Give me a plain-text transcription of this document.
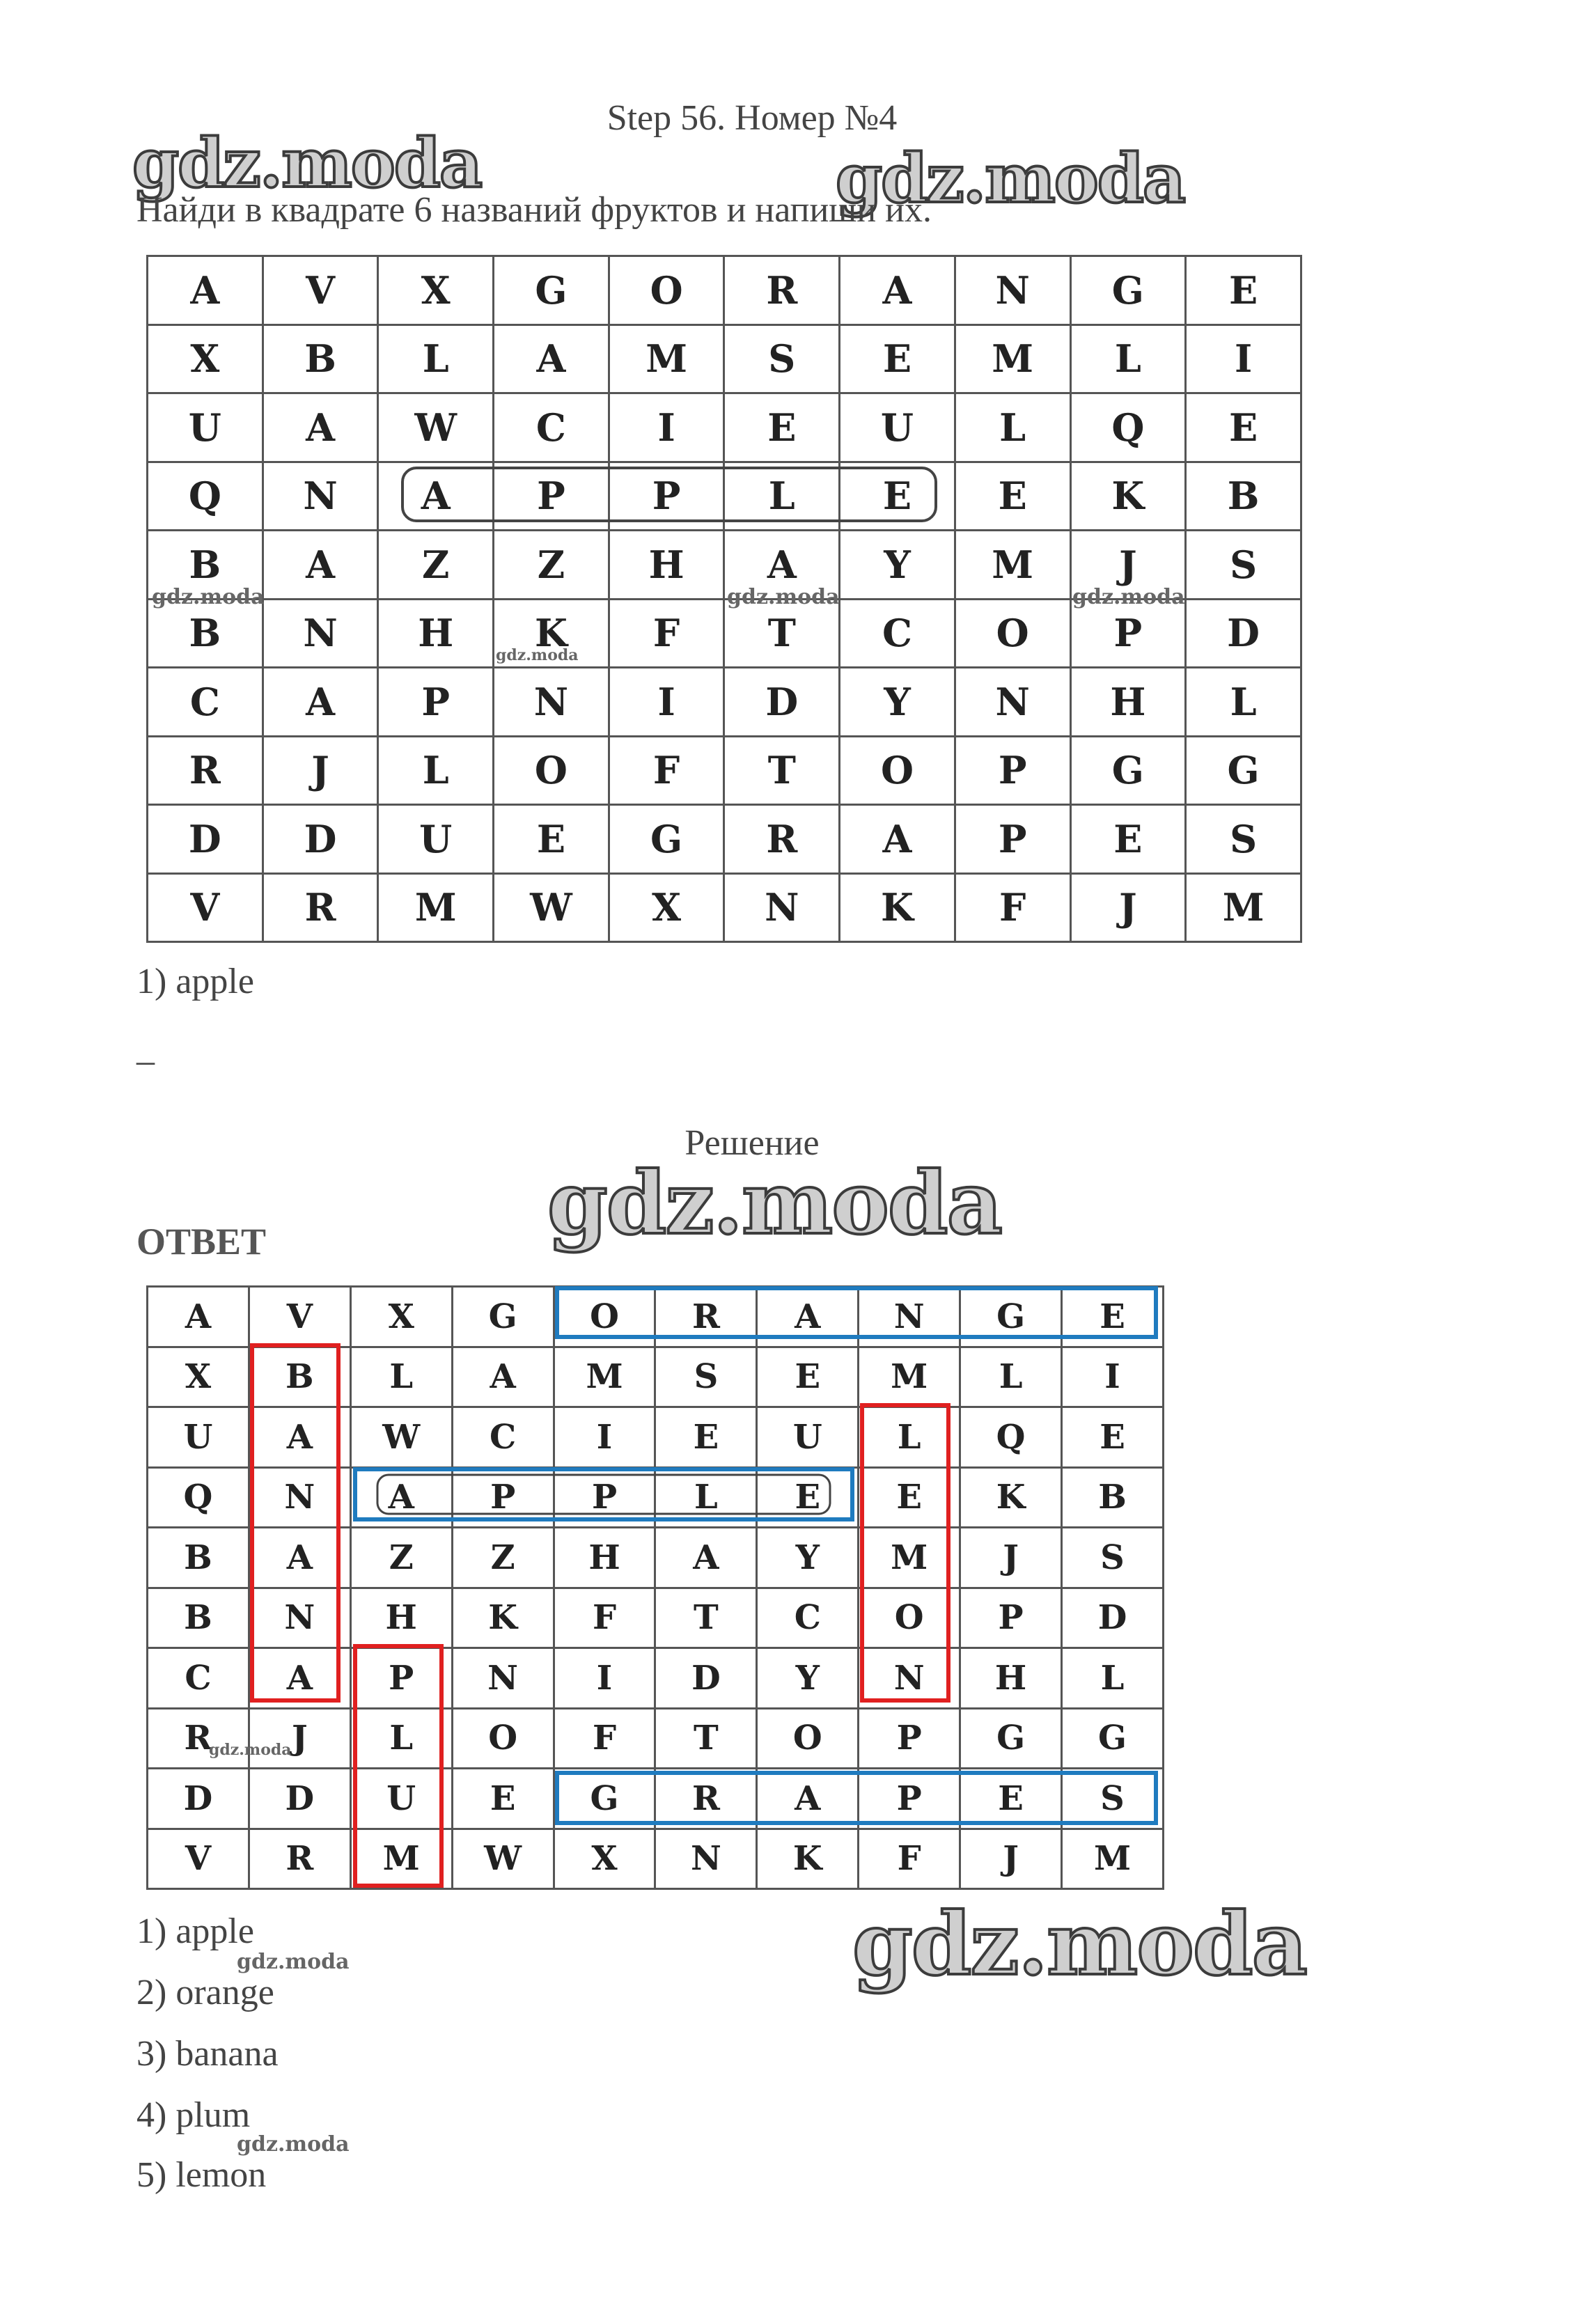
Step 56. Номер №4
gdz.moda	gdz.moda
Найди в квадрате 6 названий фруктов и напиши их.
A	V	X	G	O	R	A	N	G	E
X	B	L	A	M	S	E	M	L	I
U	A	W	C	I	E	U	L	Q	E
Q	N	A	P	P	L	E	E	K	B
B	A	Z	Z	H	A	Y	M	J	S
B	N	H	K	F	T	C	O	P	D
C	A	P	N	I	D	Y	N	H	L
R	J	L	O	F	T	O	P	G	G
D	D	U	E	G	R	A	P	E	S
V	R	M	W	X	N	K	F	J	M
gdz.moda	gdz.moda	gdz.moda
gdz.moda
1) apple
–
Решение
gdz.moda
ОТВЕТ
A	V	X	G	O	R	A	N	G	E
X	B	L	A	M	S	E	M	L	I
U	A	W	C	I	E	U	L	Q	E
Q	N	A	P	P	L	E	E	K	B
B	A	Z	Z	H	A	Y	M	J	S
B	N	H	K	F	T	C	O	P	D
C	A	P	N	I	D	Y	N	H	L
R	J	L	O	F	T	O	P	G	G
D	D	U	E	G	R	A	P	E	S
V	R	M	W	X	N	K	F	J	M
gdz.moda
gdz.moda
1) apple
gdz.moda
2) orange
3) banana
4) plum
gdz.moda
5) lemon
